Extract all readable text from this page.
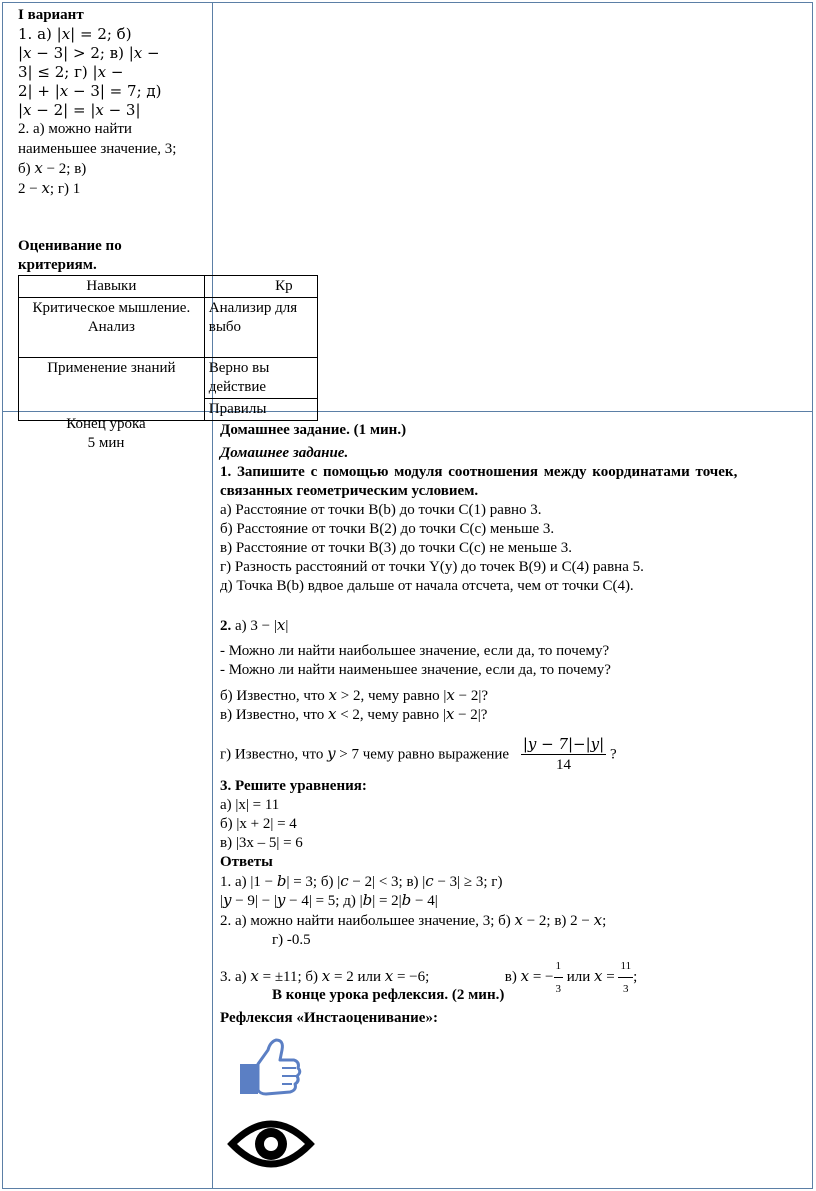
I вариант
1. а) |𝑥| = 2; б)
|𝑥 − 3| > 2; в) |𝑥 −
3| ≤ 2; г) |𝑥 −
2| + |𝑥 − 3| = 7; д)
|𝑥 − 2| = |𝑥 − 3|
2. а) можно найти
наименьшее значение, 3;
б) 𝑥 − 2; в)
2 − 𝑥; г) 1
Оценивание по
критериям.
Навыки	Кр
Критическое мышление. Анализ	Анализир для выбо
Применение знаний	Верно вы действие
	Правилы
Конец урока
5 мин
Домашнее задание. (1 мин.)
Домашнее задание.
1. Запишите с помощью модуля соотношения между координатами точек,
связанных геометрическим условием.
а) Расстояние от точки B(b) до точки C(1) равно 3.
б) Расстояние от точки B(2) до точки C(c) меньше 3.
в) Расстояние от точки B(3) до точки C(c) не меньше 3.
г) Разность расстояний от точки Y(y) до точек B(9) и C(4) равна 5.
д) Точка B(b) вдвое дальше от начала отсчета, чем от точки C(4).
2. а) 3 − |𝑥|
- Можно ли найти наибольшее значение, если да, то почему?
- Можно ли найти наименьшее значение, если да, то почему?
б) Известно, что 𝑥 > 2, чему равно |𝑥 − 2|?
в) Известно, что 𝑥 < 2, чему равно |𝑥 − 2|?
г) Известно, что 𝑦 > 7 чему равно выражение $\frac{\text{|𝑦 − 7|−|𝑦|}}{14}$ ?
3. Решите уравнения:
а) |x| = 11
б) |x + 2| = 4
в) |3x – 5| = 6
Ответы
1. а) |1 − 𝑏| = 3; б) |𝑐 − 2| < 3; в) |𝑐 − 3| ≥ 3; г)
|𝑦 − 9| − |𝑦 − 4| = 5; д) |𝑏| = 2|𝑏 − 4|
2. а) можно найти наибольшее значение, 3; б) 𝑥 − 2; в) 2 − 𝑥;
г) -0.5
3. а) 𝑥 = ±11; б) 𝑥 = 2 или 𝑥 = −6;	в) 𝑥 = − $\frac{1}{3}$ или 𝑥 = $\frac{11}{3}$ ;
В конце урока рефлексия. (2 мин.)
Рефлексия «Инстаоценивание»:
